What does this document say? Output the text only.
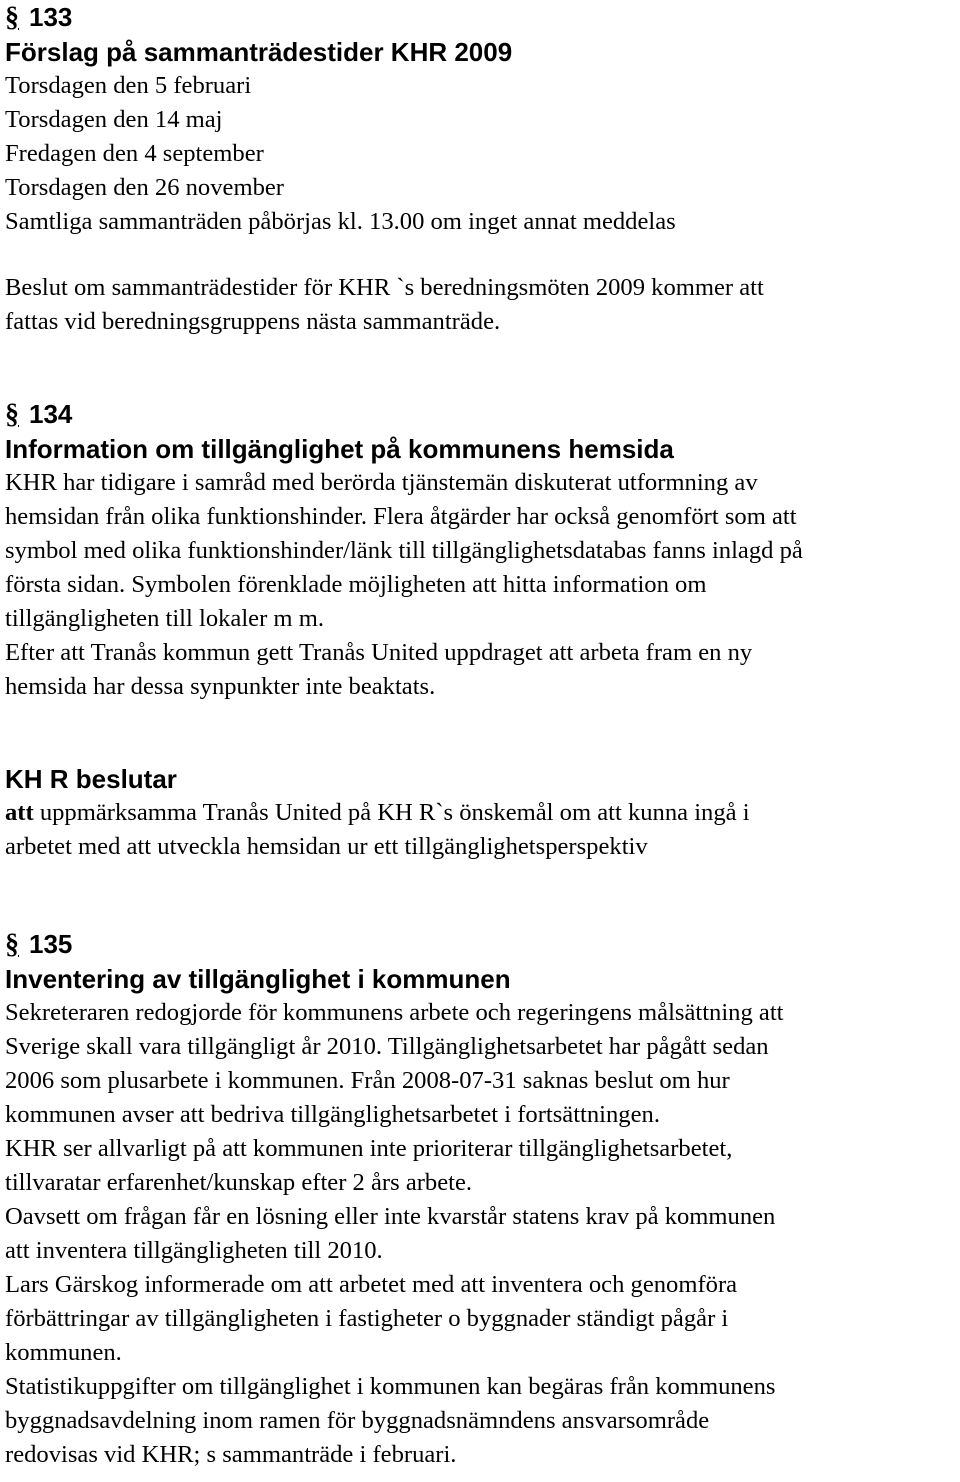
§ 133

Förslag på sammanträdestider KHR 2009

Torsdagen den 5 februari

Torsdagen den 14 maj

Fredagen den 4 september

Torsdagen den 26 november

Samtliga sammanträden påbörjas kl. 13.00 om inget annat meddelas

Beslut om sammanträdestider för KHR `s beredningsmöten 2009 kommer att

fattas vid beredningsgruppens nästa sammanträde.

§ 134

Information om tillgänglighet på kommunens hemsida

KHR har tidigare i samråd med berörda tjänstemän diskuterat utformning av

hemsidan från olika funktionshinder. Flera åtgärder har också genomfört som att

symbol med olika funktionshinder/länk till tillgänglighetsdatabas fanns inlagd på

första sidan. Symbolen förenklade möjligheten att hitta information om

tillgängligheten till lokaler m m.

Efter att Tranås kommun gett Tranås United uppdraget att arbeta fram en ny

hemsida har dessa synpunkter inte beaktats.

KH R beslutar

att uppmärksamma Tranås United på KH R`s önskemål om att kunna ingå i

arbetet med att utveckla hemsidan ur ett tillgänglighetsperspektiv

§ 135

Inventering av tillgänglighet i kommunen

Sekreteraren redogjorde för kommunens arbete och regeringens målsättning att

Sverige skall vara tillgängligt år 2010. Tillgänglighetsarbetet har pågått sedan

2006 som plusarbete i kommunen. Från 2008-07-31 saknas beslut om hur

kommunen avser att bedriva tillgänglighetsarbetet i fortsättningen.

KHR ser allvarligt på att kommunen inte prioriterar tillgänglighetsarbetet,

tillvaratar erfarenhet/kunskap efter 2 års arbete.

Oavsett om frågan får en lösning eller inte kvarstår statens krav på kommunen

att inventera tillgängligheten till 2010.

Lars Gärskog informerade om att arbetet med att inventera och genomföra

förbättringar av tillgängligheten i fastigheter o byggnader ständigt pågår i

kommunen.

Statistikuppgifter om tillgänglighet i kommunen kan begäras från kommunens

byggnadsavdelning inom ramen för byggnadsnämndens ansvarsområde

redovisas vid KHR; s sammanträde i februari.
